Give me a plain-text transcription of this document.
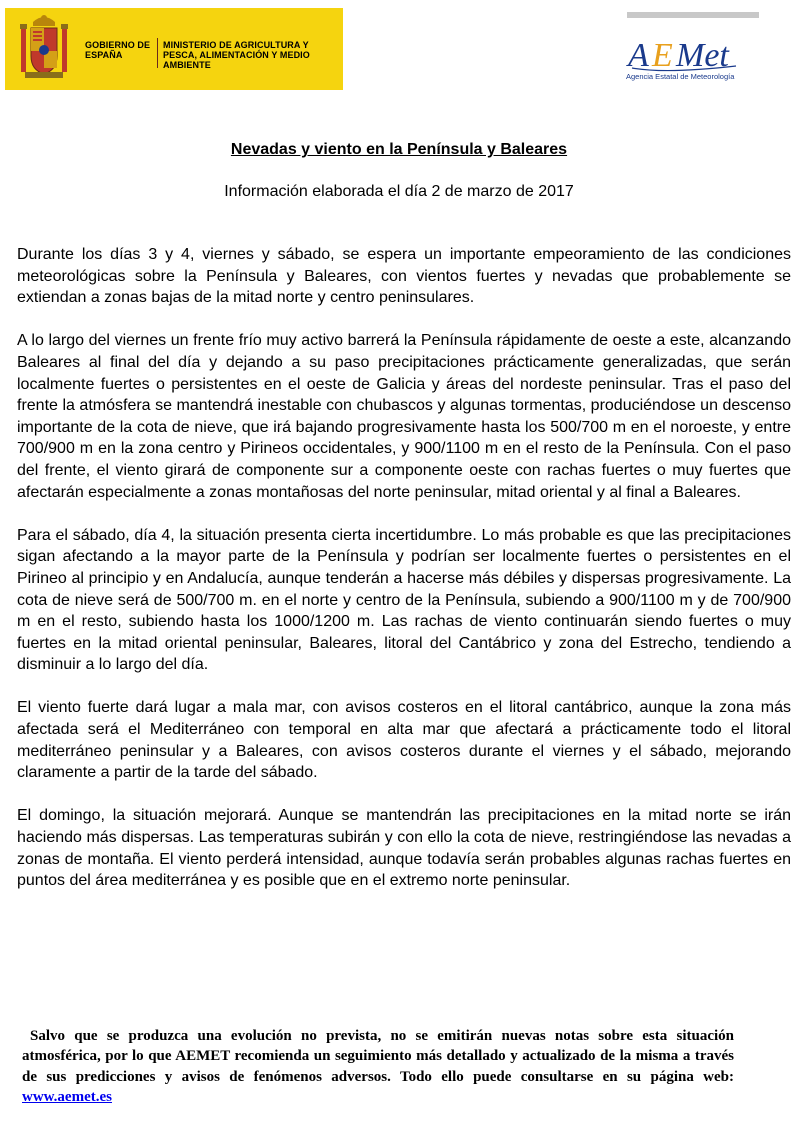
GOBIERNO DE ESPAÑA
MINISTERIO DE AGRICULTURA Y PESCA, ALIMENTACIÓN Y MEDIO AMBIENTE	A E Met
Agencia Estatal de Meteorología
Nevadas y viento en la Península y Baleares
Información elaborada el día 2 de marzo de 2017

Durante los días 3 y 4, viernes y sábado, se espera un importante empeoramiento de las condiciones meteorológicas sobre la Península y Baleares, con vientos fuertes y nevadas que probablemente se extiendan a zonas bajas de la mitad norte y centro peninsulares.

A lo largo del viernes un frente frío muy activo barrerá la Península rápidamente de oeste a este, alcanzando Baleares al final del día y dejando a su paso precipitaciones prácticamente generalizadas, que serán localmente fuertes o persistentes en el oeste de Galicia y áreas del nordeste peninsular. Tras el paso del frente la atmósfera se mantendrá inestable con chubascos y algunas tormentas, produciéndose un descenso importante de la cota de nieve, que irá bajando progresivamente hasta los 500/700 m en el noroeste, y entre 700/900 m en la zona centro y Pirineos occidentales, y 900/1100 m en el resto de la Península. Con el paso del frente, el viento girará de componente sur a componente oeste con rachas fuertes o muy fuertes que afectarán especialmente a zonas montañosas del norte peninsular, mitad oriental y al final a Baleares.

Para el sábado, día 4, la situación presenta cierta incertidumbre. Lo más probable es que las precipitaciones sigan afectando a la mayor parte de la Península y podrían ser localmente fuertes o persistentes en el Pirineo al principio y en Andalucía, aunque tenderán a hacerse más débiles y dispersas progresivamente. La cota de nieve será de 500/700 m. en el norte y centro de la Península, subiendo a 900/1100 m y de 700/900 m en el resto, subiendo hasta los 1000/1200 m. Las rachas de viento continuarán siendo fuertes o muy fuertes en la mitad oriental peninsular, Baleares, litoral del Cantábrico y zona del Estrecho, tendiendo a disminuir a lo largo del día.

El viento fuerte dará lugar a mala mar, con avisos costeros en el litoral cantábrico, aunque la zona más afectada será el Mediterráneo con temporal en alta mar que afectará a prácticamente todo el litoral mediterráneo peninsular y a Baleares, con avisos costeros durante el viernes y el sábado, mejorando claramente a partir de la tarde del sábado.

El domingo, la situación mejorará. Aunque se mantendrán las precipitaciones en la mitad norte se irán haciendo más dispersas. Las temperaturas subirán y con ello la cota de nieve, restringiéndose las nevadas a zonas de montaña. El viento perderá intensidad, aunque todavía serán probables algunas rachas fuertes en puntos del área mediterránea y es posible que en el extremo norte peninsular.

Salvo que se produzca una evolución no prevista, no se emitirán nuevas notas sobre esta situación atmosférica, por lo que AEMET recomienda un seguimiento más detallado y actualizado de la misma a través de sus predicciones y avisos de fenómenos adversos. Todo ello puede consultarse en su página web: www.aemet.es
